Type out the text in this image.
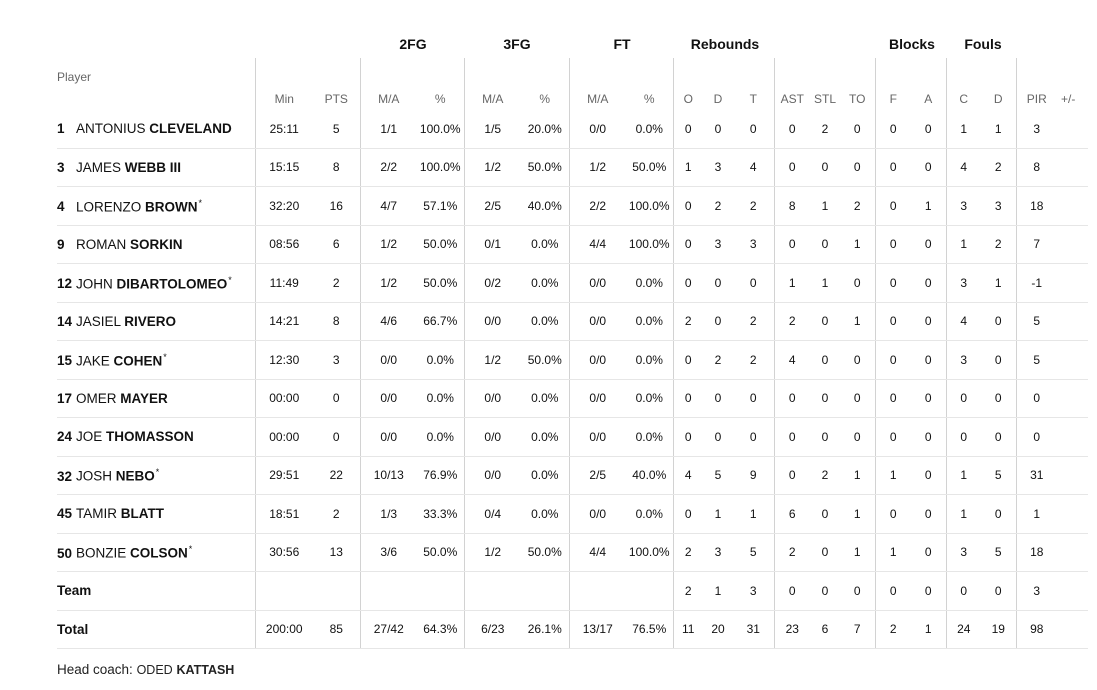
2FG	3FG	FT	Rebounds	Blocks Fouls
Player	Min	PTS	M/A	%	M/A	%	M/A	%	O	D	T	AST	STL	TO	F	A	C	D	PIR	+/-
1 ANTONIUS CLEVELAND	25:11	5	1/1	100.0%	1/5	20.0%	0/0	0.0%	0	0	0	0	2	0	0	0	1	1	3	
3 JAMES WEBB III	15:15	8	2/2	100.0%	1/2	50.0%	1/2	50.0%	1	3	4	0	0	0	0	0	4	2	8	
4 LORENZO BROWN*	32:20	16	4/7	57.1%	2/5	40.0%	2/2	100.0%	0	2	2	8	1	2	0	1	3	3	18	
9 ROMAN SORKIN	08:56	6	1/2	50.0%	0/1	0.0%	4/4	100.0%	0	3	3	0	0	1	0	0	1	2	7	
12 JOHN DIBARTOLOMEO*	11:49	2	1/2	50.0%	0/2	0.0%	0/0	0.0%	0	0	0	1	1	0	0	0	3	1	-1	
14 JASIEL RIVERO	14:21	8	4/6	66.7%	0/0	0.0%	0/0	0.0%	2	0	2	2	0	1	0	0	4	0	5	
15 JAKE COHEN*	12:30	3	0/0	0.0%	1/2	50.0%	0/0	0.0%	0	2	2	4	0	0	0	0	3	0	5	
17 OMER MAYER	00:00	0	0/0	0.0%	0/0	0.0%	0/0	0.0%	0	0	0	0	0	0	0	0	0	0	0	
24 JOE THOMASSON	00:00	0	0/0	0.0%	0/0	0.0%	0/0	0.0%	0	0	0	0	0	0	0	0	0	0	0	
32 JOSH NEBO*	29:51	22	10/13	76.9%	0/0	0.0%	2/5	40.0%	4	5	9	0	2	1	1	0	1	5	31	
45 TAMIR BLATT	18:51	2	1/3	33.3%	0/4	0.0%	0/0	0.0%	0	1	1	6	0	1	0	0	1	0	1	
50 BONZIE COLSON*	30:56	13	3/6	50.0%	1/2	50.0%	4/4	100.0%	2	3	5	2	0	1	1	0	3	5	18	
Team									2	1	3	0	0	0	0	0	0	0	3	
Total	200:00	85	27/42	64.3%	6/23	26.1%	13/17	76.5%	11	20	31	23	6	7	2	1	24	19	98	
Head coach: ODED KATTASH
